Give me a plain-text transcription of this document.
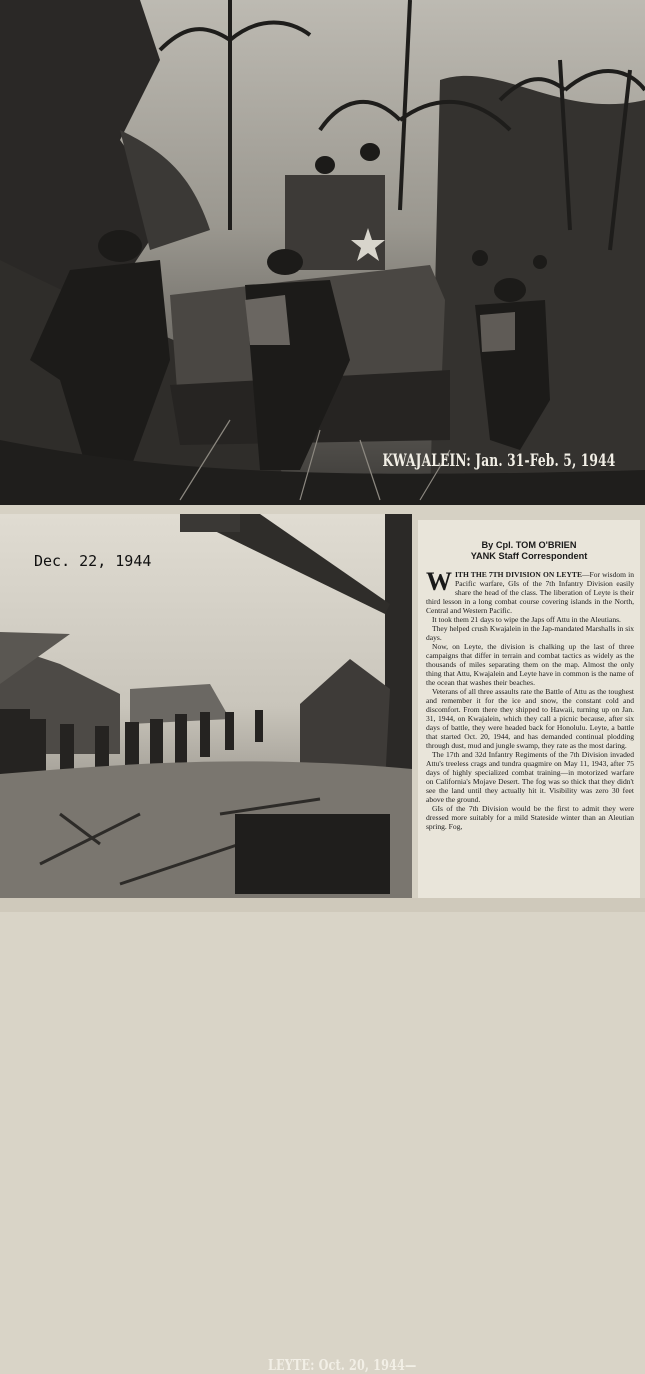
KWAJALEIN: Jan. 31-Feb. 5, 1944
LEYTE: Oct. 20, 1944—
Dec. 22, 1944
By Cpl. TOM O'BRIEN
YANK Staff Correspondent

WITH THE 7TH DIVISION ON LEYTE—For wisdom in Pacific warfare, GIs of the 7th Infantry Division easily share the head of the class. The liberation of Leyte is their third lesson in a long combat course covering islands in the North, Central and Western Pacific.

It took them 21 days to wipe the Japs off Attu in the Aleutians.

They helped crush Kwajalein in the Jap-mandated Marshalls in six days.

Now, on Leyte, the division is chalking up the last of three campaigns that differ in terrain and combat tactics as widely as the thousands of miles separating them on the map. Almost the only thing that Attu, Kwajalein and Leyte have in common is the name of the ocean that washes their beaches.

Veterans of all three assaults rate the Battle of Attu as the toughest and remember it for the ice and snow, the constant cold and discomfort. From there they shipped to Hawaii, turning up on Jan. 31, 1944, on Kwajalein, which they call a picnic because, after six days of battle, they were headed back for Honolulu. Leyte, a battle that started Oct. 20, 1944, and has demanded continual plodding through dust, mud and jungle swamp, they rate as the most daring.

The 17th and 32d Infantry Regiments of the 7th Division invaded Attu's treeless crags and tundra quagmire on May 11, 1943, after 75 days of highly specialized combat training—in motorized warfare on California's Mojave Desert. The fog was so thick that they didn't see the land until they actually hit it. Visibility was zero 30 feet above the ground.

GIs of the 7th Division would be the first to admit they were dressed more suitably for a mild Stateside winter than an Aleutian spring. Fog,
